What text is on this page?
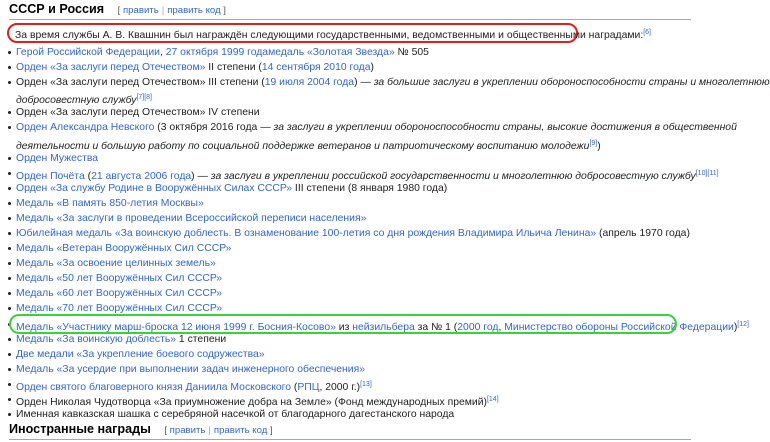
СССР и Россия [ править | править код ]
За время службы А. В. Квашнин был награждён следующими государственными, ведомственными и общественными наградами:[6]
Герой Российской Федерации, 27 октября 1999 годамедаль «Золотая Звезда» № 505
Орден «За заслуги перед Отечеством» II степени (14 сентября 2010 года)
Орден «За заслуги перед Отечеством» III степени (19 июля 2004 года) — за большие заслуги в укреплении обороноспособности страны и многолетнюю
добросовестную службу[7][8]
Орден «За заслуги перед Отечеством» IV степени
Орден Александра Невского (3 октября 2016 года — за заслуги в укреплении обороноспособности страны, высокие достижения в общественной
деятельности и большую работу по социальной поддержке ветеранов и патриотическому воспитанию молодежи[9])
Орден Мужества
Орден Почёта (21 августа 2006 года) — за заслуги в укреплении российской государственности и многолетнюю добросовестную службу[10][11]
Орден «За службу Родине в Вооружённых Силах СССР» III степени (8 января 1980 года)
Медаль «В память 850-летия Москвы»
Медаль «За заслуги в проведении Всероссийской переписи населения»
Юбилейная медаль «За воинскую доблесть. В ознаменование 100-летия со дня рождения Владимира Ильича Ленина» (апрель 1970 года)
Медаль «Ветеран Вооружённых Сил СССР»
Медаль «За освоение целинных земель»
Медаль «50 лет Вооружённых Сил СССР»
Медаль «60 лет Вооружённых Сил СССР»
Медаль «70 лет Вооружённых Сил СССР»
Медаль «Участнику марш-броска 12 июня 1999 г. Босния-Косово» из нейзильбера за № 1 (2000 год, Министерство обороны Российской Федерации)[12]
Медаль «За воинскую доблесть» 1 степени
Две медали «За укрепление боевого содружества»
Медаль «За усердие при выполнении задач инженерного обеспечения»
Орден святого благоверного князя Даниила Московского (РПЦ, 2000 г.)[13]
Орден Николая Чудотворца «За приумножение добра на Земле» (Фонд международных премий)[14]
Именная кавказская шашка с серебряной насечкой от благодарного дагестанского народа
Иностранные награды [ править | править код ]
